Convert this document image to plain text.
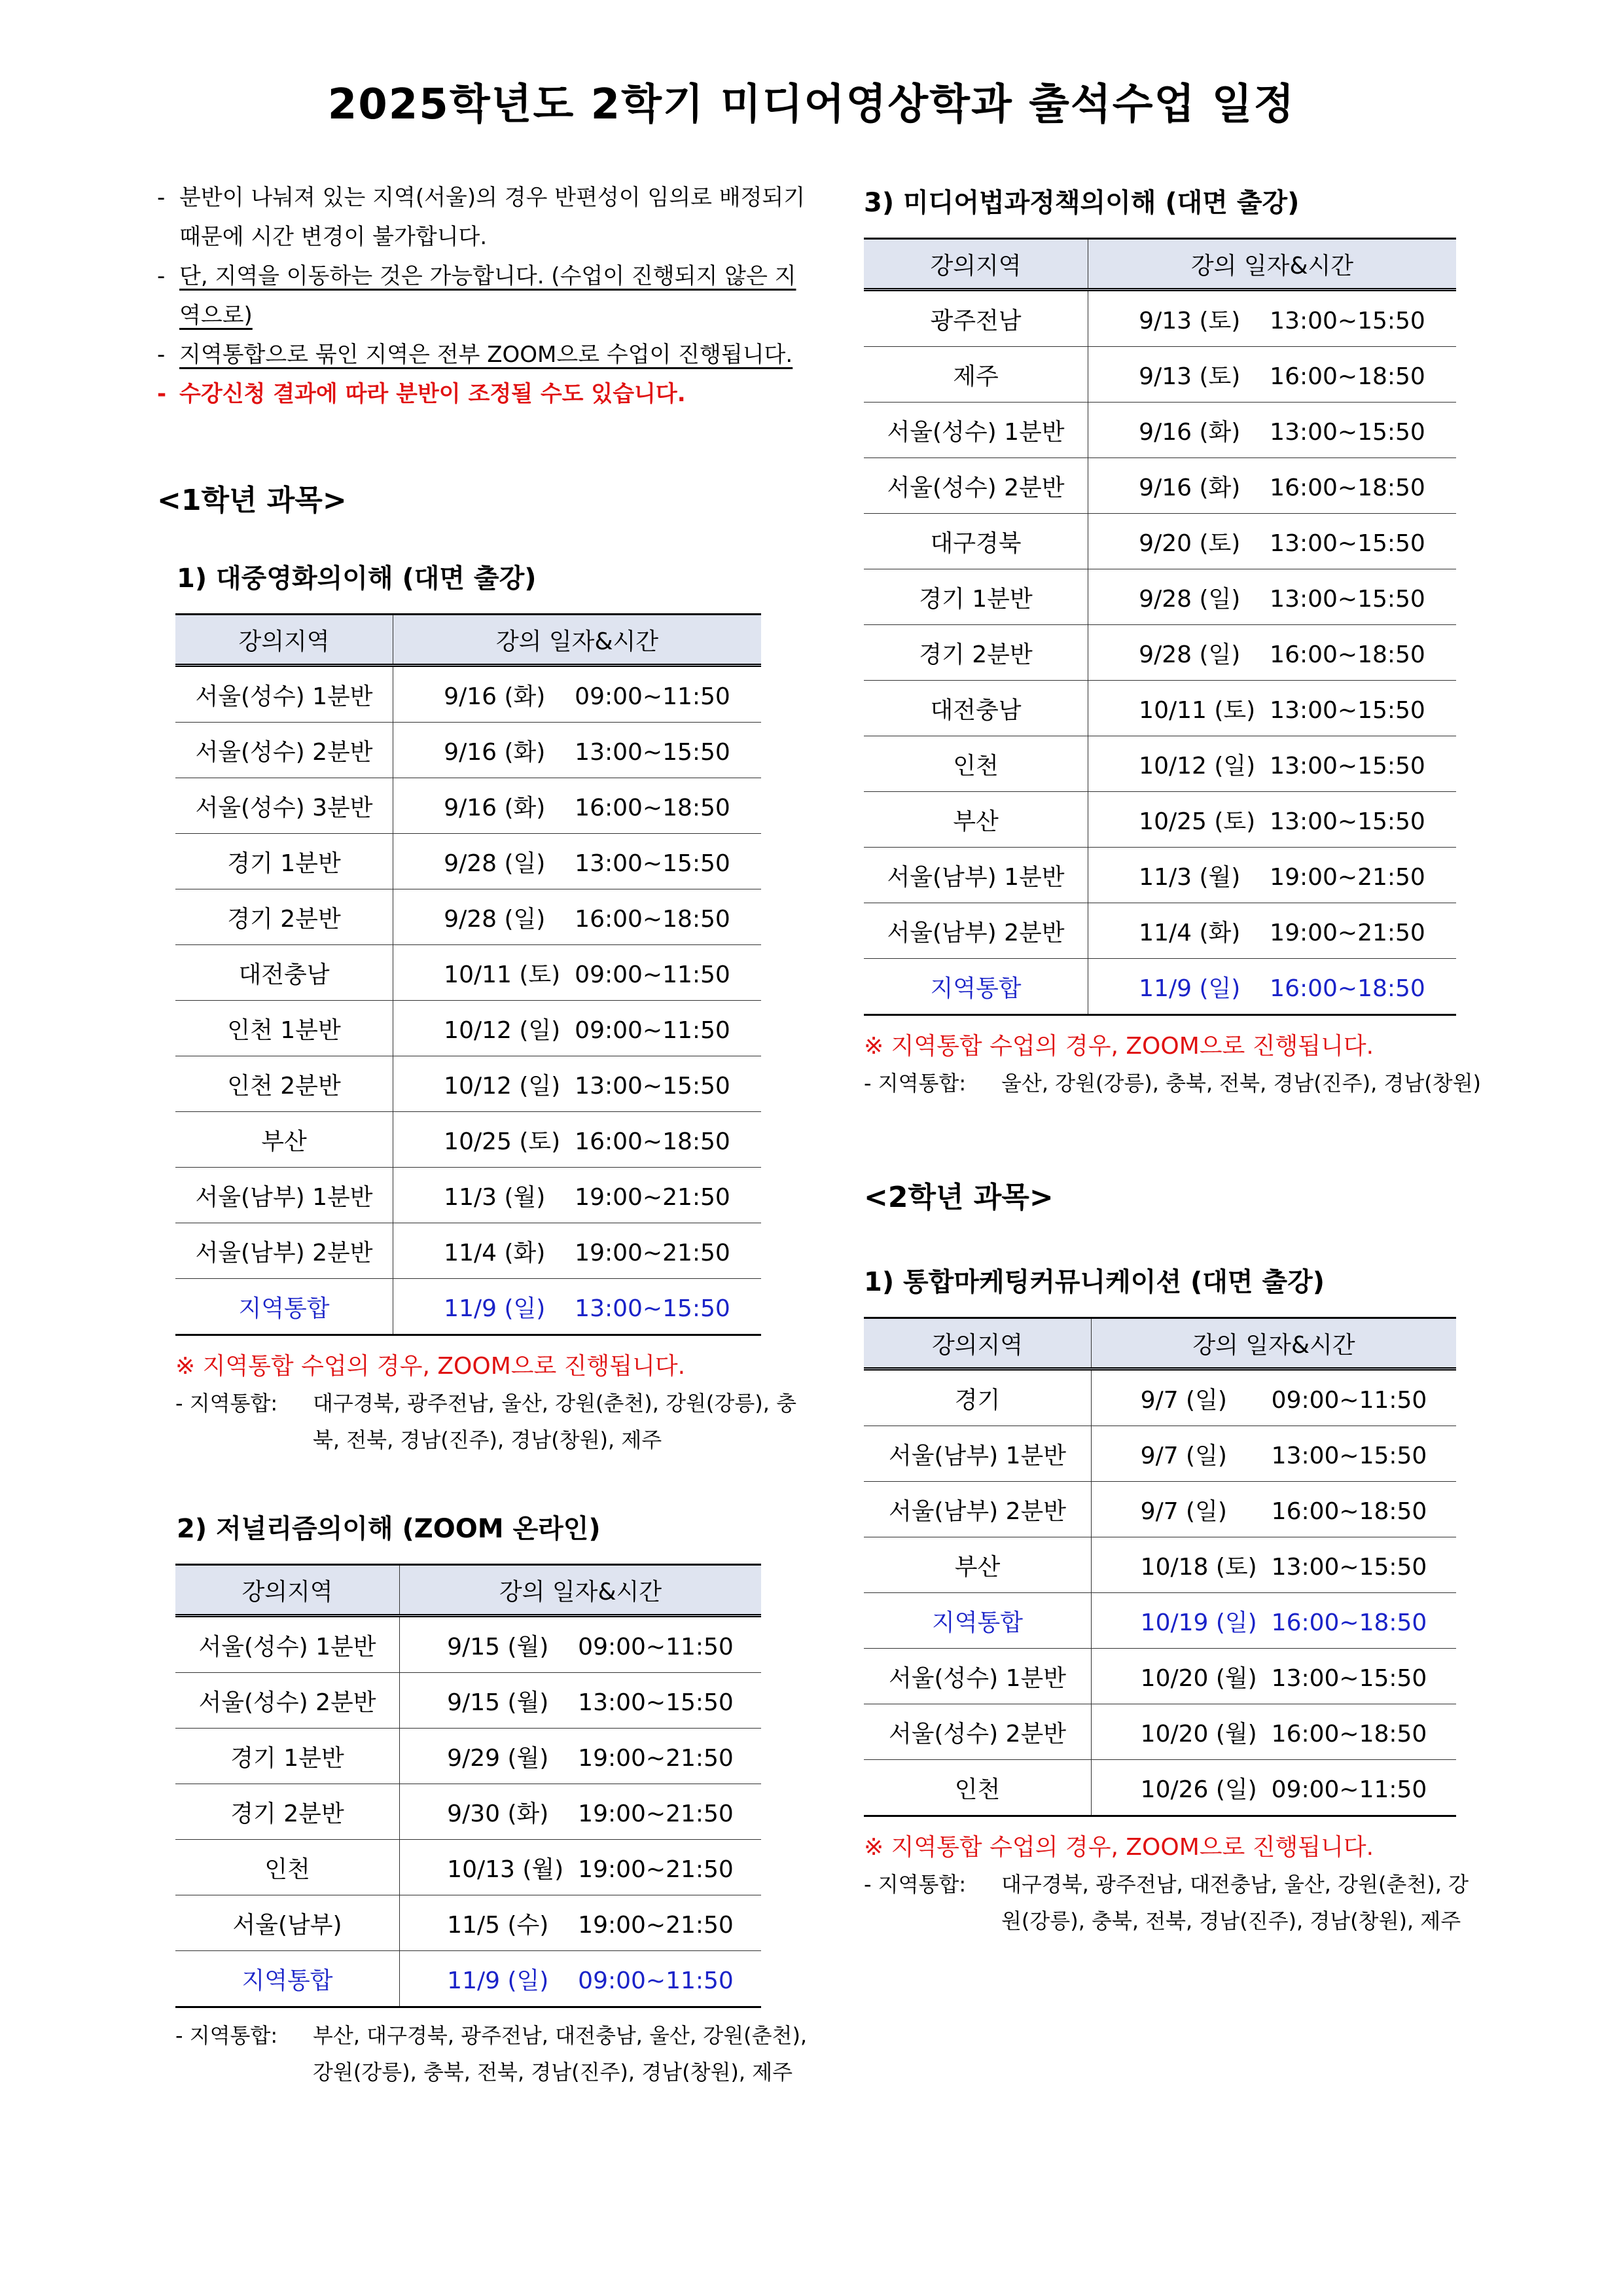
2025학년도 2학기 미디어영상학과 출석수업 일정
- 분반이 나눠져 있는 지역(서울)의 경우 반편성이 임의로 배정되기 때문에 시간 변경이 불가합니다.
- 단, 지역을 이동하는 것은 가능합니다. (수업이 진행되지 않은 지역으로)
- 지역통합으로 묶인 지역은 전부 ZOOM으로 수업이 진행됩니다.
- 수강신청 결과에 따라 분반이 조정될 수도 있습니다.
<1학년 과목>
1) 대중영화의이해 (대면 출강)
강의지역	강의 일자&시간
서울(성수) 1분반	9/16 (화) 09:00~11:50
서울(성수) 2분반	9/16 (화) 13:00~15:50
서울(성수) 3분반	9/16 (화) 16:00~18:50
경기 1분반	9/28 (일) 13:00~15:50
경기 2분반	9/28 (일) 16:00~18:50
대전충남	10/11 (토) 09:00~11:50
인천 1분반	10/12 (일) 09:00~11:50
인천 2분반	10/12 (일) 13:00~15:50
부산	10/25 (토) 16:00~18:50
서울(남부) 1분반	11/3 (월) 19:00~21:50
서울(남부) 2분반	11/4 (화) 19:00~21:50
지역통합	11/9 (일) 13:00~15:50
※ 지역통합 수업의 경우, ZOOM으로 진행됩니다.
- 지역통합: 대구경북, 광주전남, 울산, 강원(춘천), 강원(강릉), 충북, 전북, 경남(진주), 경남(창원), 제주
2) 저널리즘의이해 (ZOOM 온라인)
강의지역	강의 일자&시간
서울(성수) 1분반	9/15 (월) 09:00~11:50
서울(성수) 2분반	9/15 (월) 13:00~15:50
경기 1분반	9/29 (월) 19:00~21:50
경기 2분반	9/30 (화) 19:00~21:50
인천	10/13 (월) 19:00~21:50
서울(남부)	11/5 (수) 19:00~21:50
지역통합	11/9 (일) 09:00~11:50
- 지역통합: 부산, 대구경북, 광주전남, 대전충남, 울산, 강원(춘천), 강원(강릉), 충북, 전북, 경남(진주), 경남(창원), 제주
3) 미디어법과정책의이해 (대면 출강)
강의지역	강의 일자&시간
광주전남	9/13 (토) 13:00~15:50
제주	9/13 (토) 16:00~18:50
서울(성수) 1분반	9/16 (화) 13:00~15:50
서울(성수) 2분반	9/16 (화) 16:00~18:50
대구경북	9/20 (토) 13:00~15:50
경기 1분반	9/28 (일) 13:00~15:50
경기 2분반	9/28 (일) 16:00~18:50
대전충남	10/11 (토) 13:00~15:50
인천	10/12 (일) 13:00~15:50
부산	10/25 (토) 13:00~15:50
서울(남부) 1분반	11/3 (월) 19:00~21:50
서울(남부) 2분반	11/4 (화) 19:00~21:50
지역통합	11/9 (일) 16:00~18:50
※ 지역통합 수업의 경우, ZOOM으로 진행됩니다.
- 지역통합: 울산, 강원(강릉), 충북, 전북, 경남(진주), 경남(창원)
<2학년 과목>
1) 통합마케팅커뮤니케이션 (대면 출강)
강의지역	강의 일자&시간
경기	9/7 (일) 09:00~11:50
서울(남부) 1분반	9/7 (일) 13:00~15:50
서울(남부) 2분반	9/7 (일) 16:00~18:50
부산	10/18 (토) 13:00~15:50
지역통합	10/19 (일) 16:00~18:50
서울(성수) 1분반	10/20 (월) 13:00~15:50
서울(성수) 2분반	10/20 (월) 16:00~18:50
인천	10/26 (일) 09:00~11:50
※ 지역통합 수업의 경우, ZOOM으로 진행됩니다.
- 지역통합: 대구경북, 광주전남, 대전충남, 울산, 강원(춘천), 강원(강릉), 충북, 전북, 경남(진주), 경남(창원), 제주
